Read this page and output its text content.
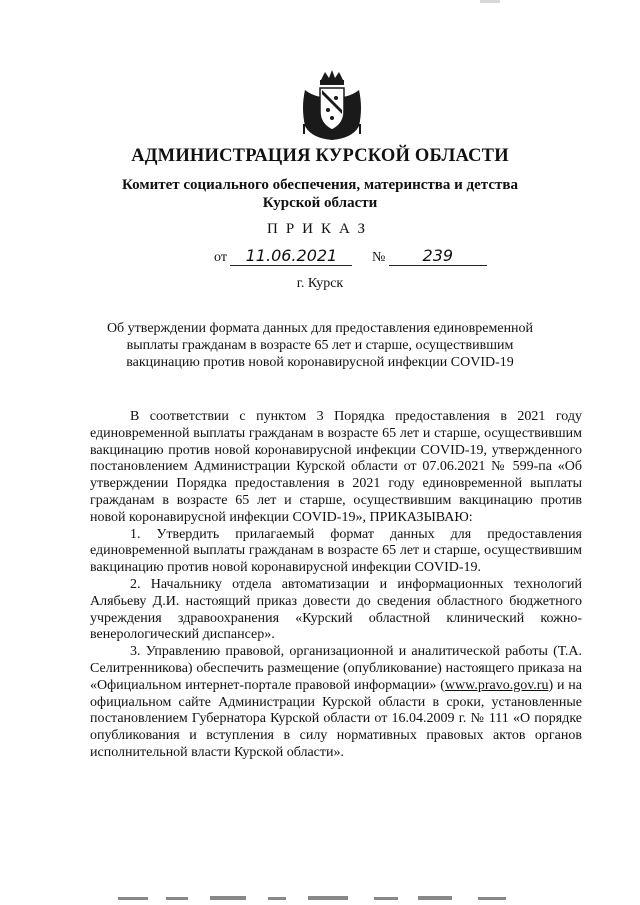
АДМИНИСТРАЦИЯ КУРСКОЙ ОБЛАСТИ
Комитет социального обеспечения, материнства и детства
Курской области
ПРИКАЗ
от 11.06.2021 № 239
г. Курск
Об утверждении формата данных для предоставления единовременной
выплаты гражданам в возрасте 65 лет и старше, осуществившим
вакцинацию против новой коронавирусной инфекции COVID-19

В соответствии с пунктом 3 Порядка предоставления в 2021 году единовременной выплаты гражданам в возрасте 65 лет и старше, осуществившим вакцинацию против новой коронавирусной инфекции COVID-19, утвержденного постановлением Администрации Курской области от 07.06.2021 № 599-па «Об утверждении Порядка предоставления в 2021 году единовременной выплаты гражданам в возрасте 65 лет и старше, осуществившим вакцинацию против новой коронавирусной инфекции COVID-19», ПРИКАЗЫВАЮ:

1. Утвердить прилагаемый формат данных для предоставления единовременной выплаты гражданам в возрасте 65 лет и старше, осуществившим вакцинацию против новой коронавирусной инфекции COVID-19.

2. Начальнику отдела автоматизации и информационных технологий Алябьеву Д.И. настоящий приказ довести до сведения областного бюджетного учреждения здравоохранения «Курский областной клинический кожно-венерологический диспансер».

3. Управлению правовой, организационной и аналитической работы (Т.А. Селитренникова) обеспечить размещение (опубликование) настоящего приказа на «Официальном интернет-портале правовой информации» (www.pravo.gov.ru) и на официальном сайте Администрации Курской области в сроки, установленные постановлением Губернатора Курской области от 16.04.2009 г. № 111 «О порядке опубликования и вступления в силу нормативных правовых актов органов исполнительной власти Курской области».
